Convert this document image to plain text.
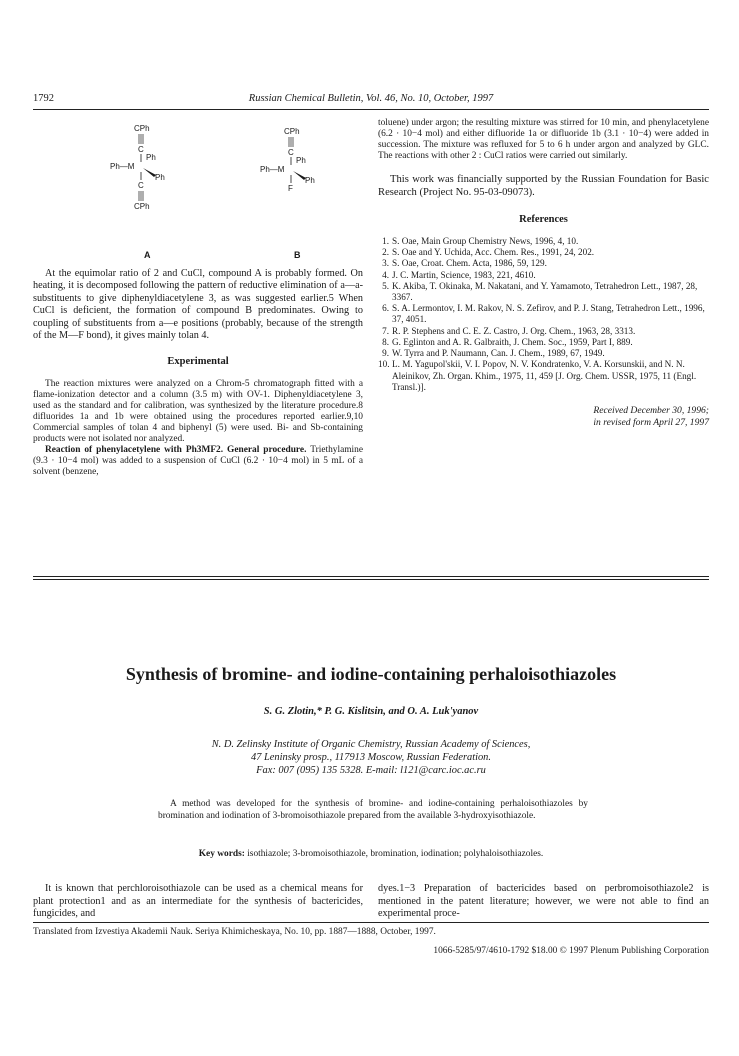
1792	Russian Chemical Bulletin, Vol. 46, No. 10, October, 1997
CPh
C
Ph
Ph—M
Ph
C
CPh
CPh
C
Ph
Ph—M
Ph
F
A	B

At the equimolar ratio of 2 and CuCl, compound A is probably formed. On heating, it is decomposed following the pattern of reductive elimination of a—a-substituents to give diphenyldiacetylene 3, as was suggested earlier.5 When CuCl is deficient, the formation of compound B predominates. Owing to coupling of substituents from a—e positions (probably, because of the strength of the M—F bond), it gives mainly tolan 4.

Experimental

The reaction mixtures were analyzed on a Chrom-5 chromatograph fitted with a flame-ionization detector and a column (3.5 m) with OV-1. Diphenyldiacetylene 3, used as the standard and for calibration, was synthesized by the literature procedure.8 difluorides 1a and 1b were obtained using the procedures reported earlier.9,10 Commercial samples of tolan 4 and biphenyl (5) were used. Bi- and Sb-containing products were not isolated nor analyzed.

Reaction of phenylacetylene with Ph3MF2. General procedure. Triethylamine (9.3 · 10−4 mol) was added to a suspension of CuCl (6.2 · 10−4 mol) in 5 mL of a solvent (benzene,

toluene) under argon; the resulting mixture was stirred for 10 min, and phenylacetylene (6.2 · 10−4 mol) and either difluoride 1a or difluoride 1b (3.1 · 10−4) were added in succession. The mixture was refluxed for 5 to 6 h under argon and analyzed by GLC. The reactions with other 2 : CuCl ratios were carried out similarly.

This work was financially supported by the Russian Foundation for Basic Research (Project No. 95-03-09073).

References
1. S. Oae, Main Group Chemistry News, 1996, 4, 10.
2. S. Oae and Y. Uchida, Acc. Chem. Res., 1991, 24, 202.
3. S. Oae, Croat. Chem. Acta, 1986, 59, 129.
4. J. C. Martin, Science, 1983, 221, 4610.
5. K. Akiba, T. Okinaka, M. Nakatani, and Y. Yamamoto, Tetrahedron Lett., 1987, 28, 3367.
6. S. A. Lermontov, I. M. Rakov, N. S. Zefirov, and P. J. Stang, Tetrahedron Lett., 1996, 37, 4051.
7. R. P. Stephens and C. E. Z. Castro, J. Org. Chem., 1963, 28, 3313.
8. G. Eglinton and A. R. Galbraith, J. Chem. Soc., 1959, Part I, 889.
9. W. Tyrra and P. Naumann, Can. J. Chem., 1989, 67, 1949.
10. L. M. Yagupol'skii, V. I. Popov, N. V. Kondratenko, V. A. Korsunskii, and N. N. Aleinikov, Zh. Organ. Khim., 1975, 11, 459 [J. Org. Chem. USSR, 1975, 11 (Engl. Transl.)].
Received December 30, 1996;
in revised form April 27, 1997
Synthesis of bromine- and iodine-containing perhaloisothiazoles
S. G. Zlotin,* P. G. Kislitsin, and O. A. Luk'yanov
N. D. Zelinsky Institute of Organic Chemistry, Russian Academy of Sciences,
47 Leninsky prosp., 117913 Moscow, Russian Federation.
Fax: 007 (095) 135 5328. E-mail: l121@carc.ioc.ac.ru

A method was developed for the synthesis of bromine- and iodine-containing perhaloisothiazoles by bromination and iodination of 3-bromoisothiazole prepared from the available 3-hydroxyisothiazole.

Key words: isothiazole; 3-bromoisothiazole, bromination, iodination; polyhaloisothiazoles.

It is known that perchloroisothiazole can be used as a chemical means for plant protection1 and as an intermediate for the synthesis of bactericides, fungicides, and

dyes.1−3 Preparation of bactericides based on perbromoisothiazole2 is mentioned in the patent literature; however, we were not able to find an experimental proce-

Translated from Izvestiya Akademii Nauk. Seriya Khimicheskaya, No. 10, pp. 1887—1888, October, 1997.
1066-5285/97/4610-1792 $18.00 © 1997 Plenum Publishing Corporation
